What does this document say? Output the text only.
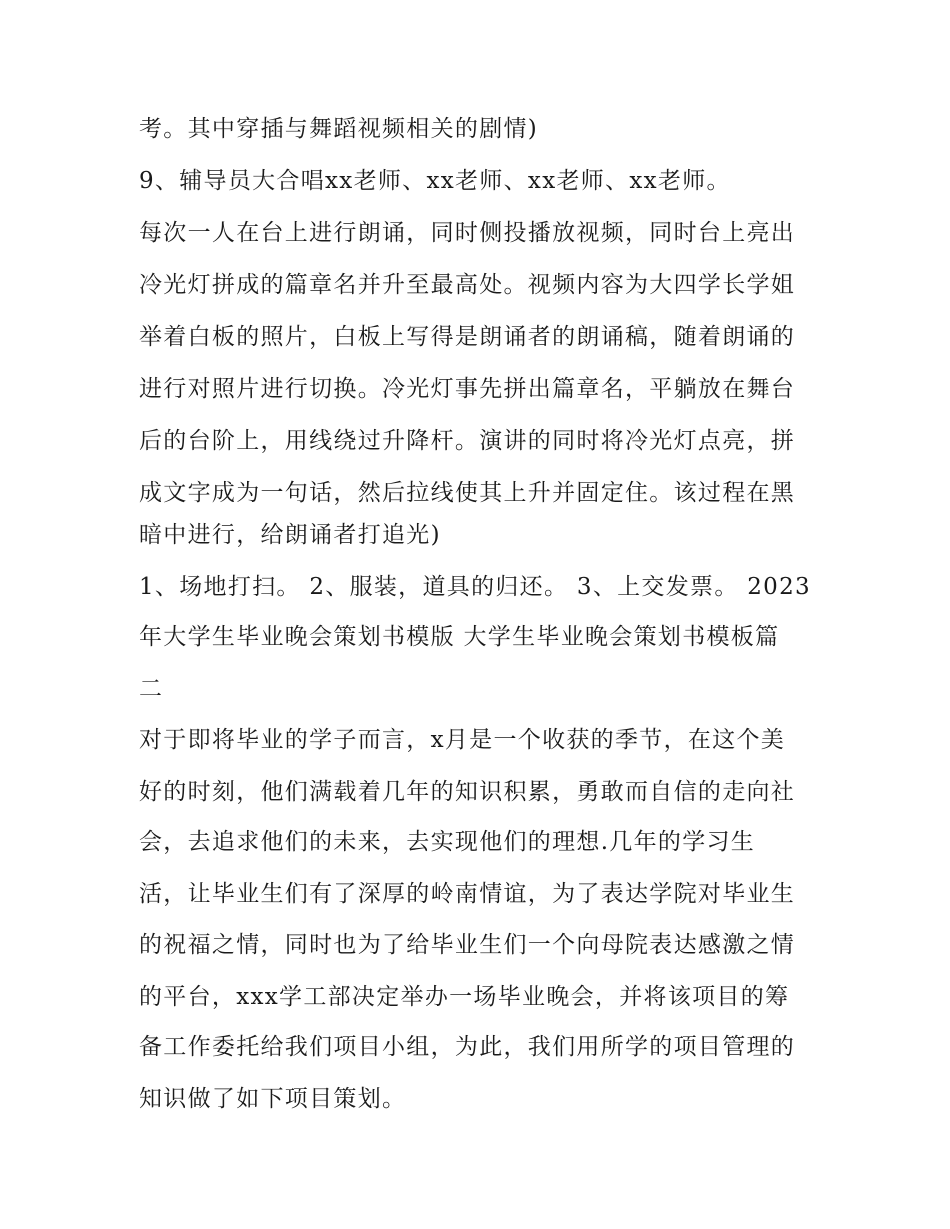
考。其中穿插与舞蹈视频相关的剧情)
9、辅导员大合唱xx老师、xx老师、xx老师、xx老师。
每次一人在台上进行朗诵，同时侧投播放视频，同时台上亮出
冷光灯拼成的篇章名并升至最高处。视频内容为大四学长学姐
举着白板的照片，白板上写得是朗诵者的朗诵稿，随着朗诵的
进行对照片进行切换。冷光灯事先拼出篇章名，平躺放在舞台
后的台阶上，用线绕过升降杆。演讲的同时将冷光灯点亮，拼
成文字成为一句话，然后拉线使其上升并固定住。该过程在黑
暗中进行，给朗诵者打追光)
1、场地打扫。 2、服装，道具的归还。 3、上交发票。 2023
年大学生毕业晚会策划书模版 大学生毕业晚会策划书模板篇
二
对于即将毕业的学子而言，x月是一个收获的季节，在这个美
好的时刻，他们满载着几年的知识积累，勇敢而自信的走向社
会，去追求他们的未来，去实现他们的理想.几年的学习生
活，让毕业生们有了深厚的岭南情谊，为了表达学院对毕业生
的祝福之情，同时也为了给毕业生们一个向母院表达感激之情
的平台，xxx学工部决定举办一场毕业晚会，并将该项目的筹
备工作委托给我们项目小组，为此，我们用所学的项目管理的
知识做了如下项目策划。
